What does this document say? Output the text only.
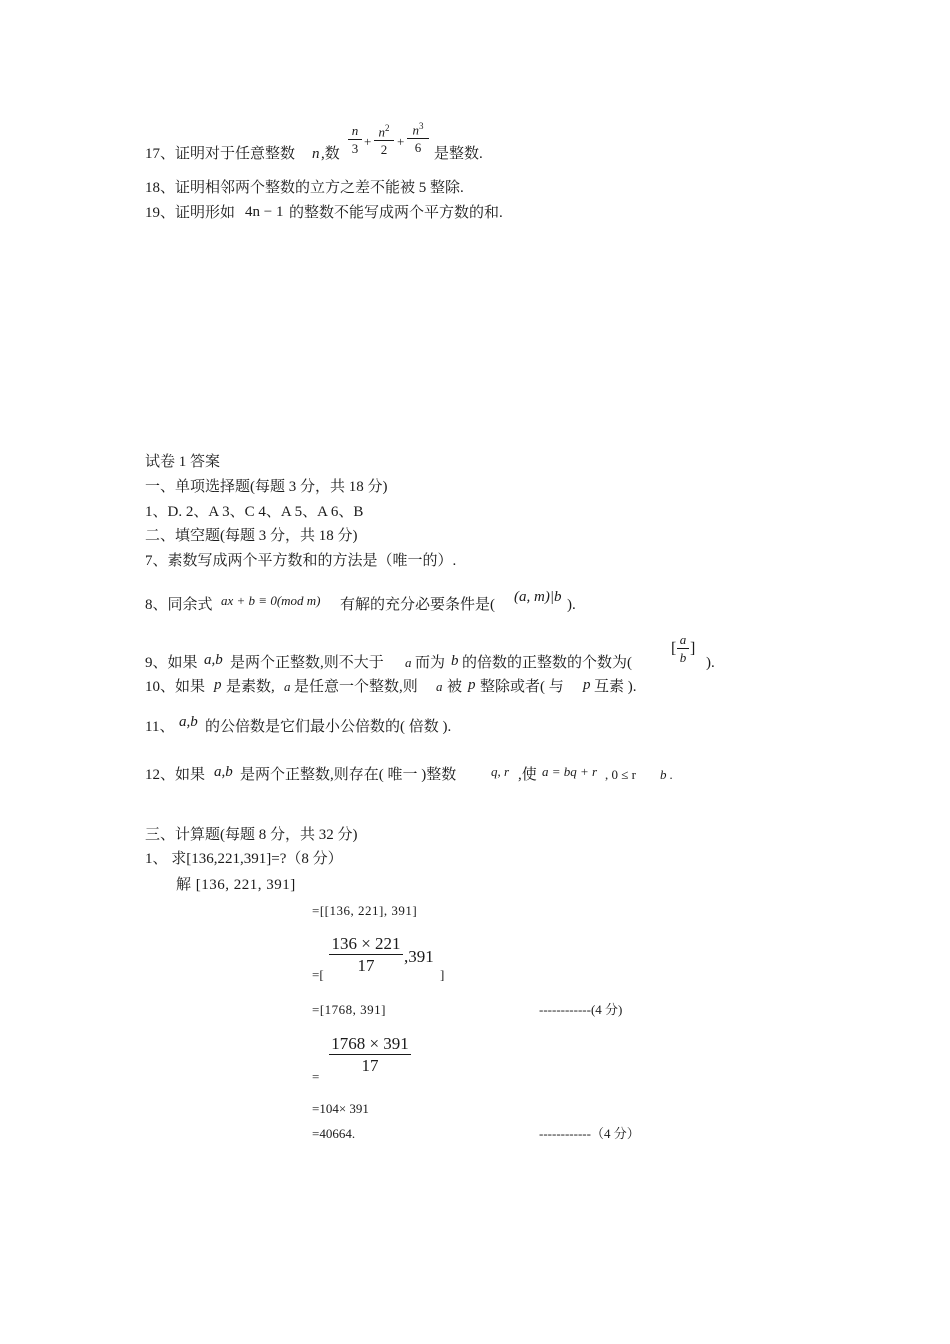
17、证明对于任意整数 n ,数
n
3 +
$n^2$
2
+
$n^3$
6 是整数.
18、证明相邻两个整数的立方之差不能被 5 整除.
19、证明形如 4n − 1 的整数不能写成两个平方数的和.
试卷 1 答案
一、单项选择题(每题 3 分，共 18 分)
1、D. 2、A 3、C 4、A 5、A 6、B
二、填空题(每题 3 分，共 18 分)
7、素数写成两个平方数和的方法是（唯一的）.
8、同余式 ax + b ≡ 0(mod m) 有解的充分必要条件是( (a, m)|b ).
9、如果 a,b 是两个正整数,则不大于 a 而为 b 的倍数的正整数的个数为(
[
a
b
]
).
10、如果 p 是素数, a 是任意一个整数,则 a 被 p 整除或者( 与 p 互素 ).
11、 a,b 的公倍数是它们最小公倍数的( 倍数 ).
12、如果 a,b 是两个正整数,则存在( 唯一 )整数	q, r ,使 a = bq + r , 0 ≤ r b .
三、计算题(每题 8 分，共 32 分)
1、 求[136,221,391]=?（8 分）
解 [136, 221, 391]
=[[136, 221], 391]
136 × 221
17	,391
=[	]
=[1768, 391]	------------(4 分)
1768 × 391
17
=
=104× 391
=40664.	------------（4 分）
